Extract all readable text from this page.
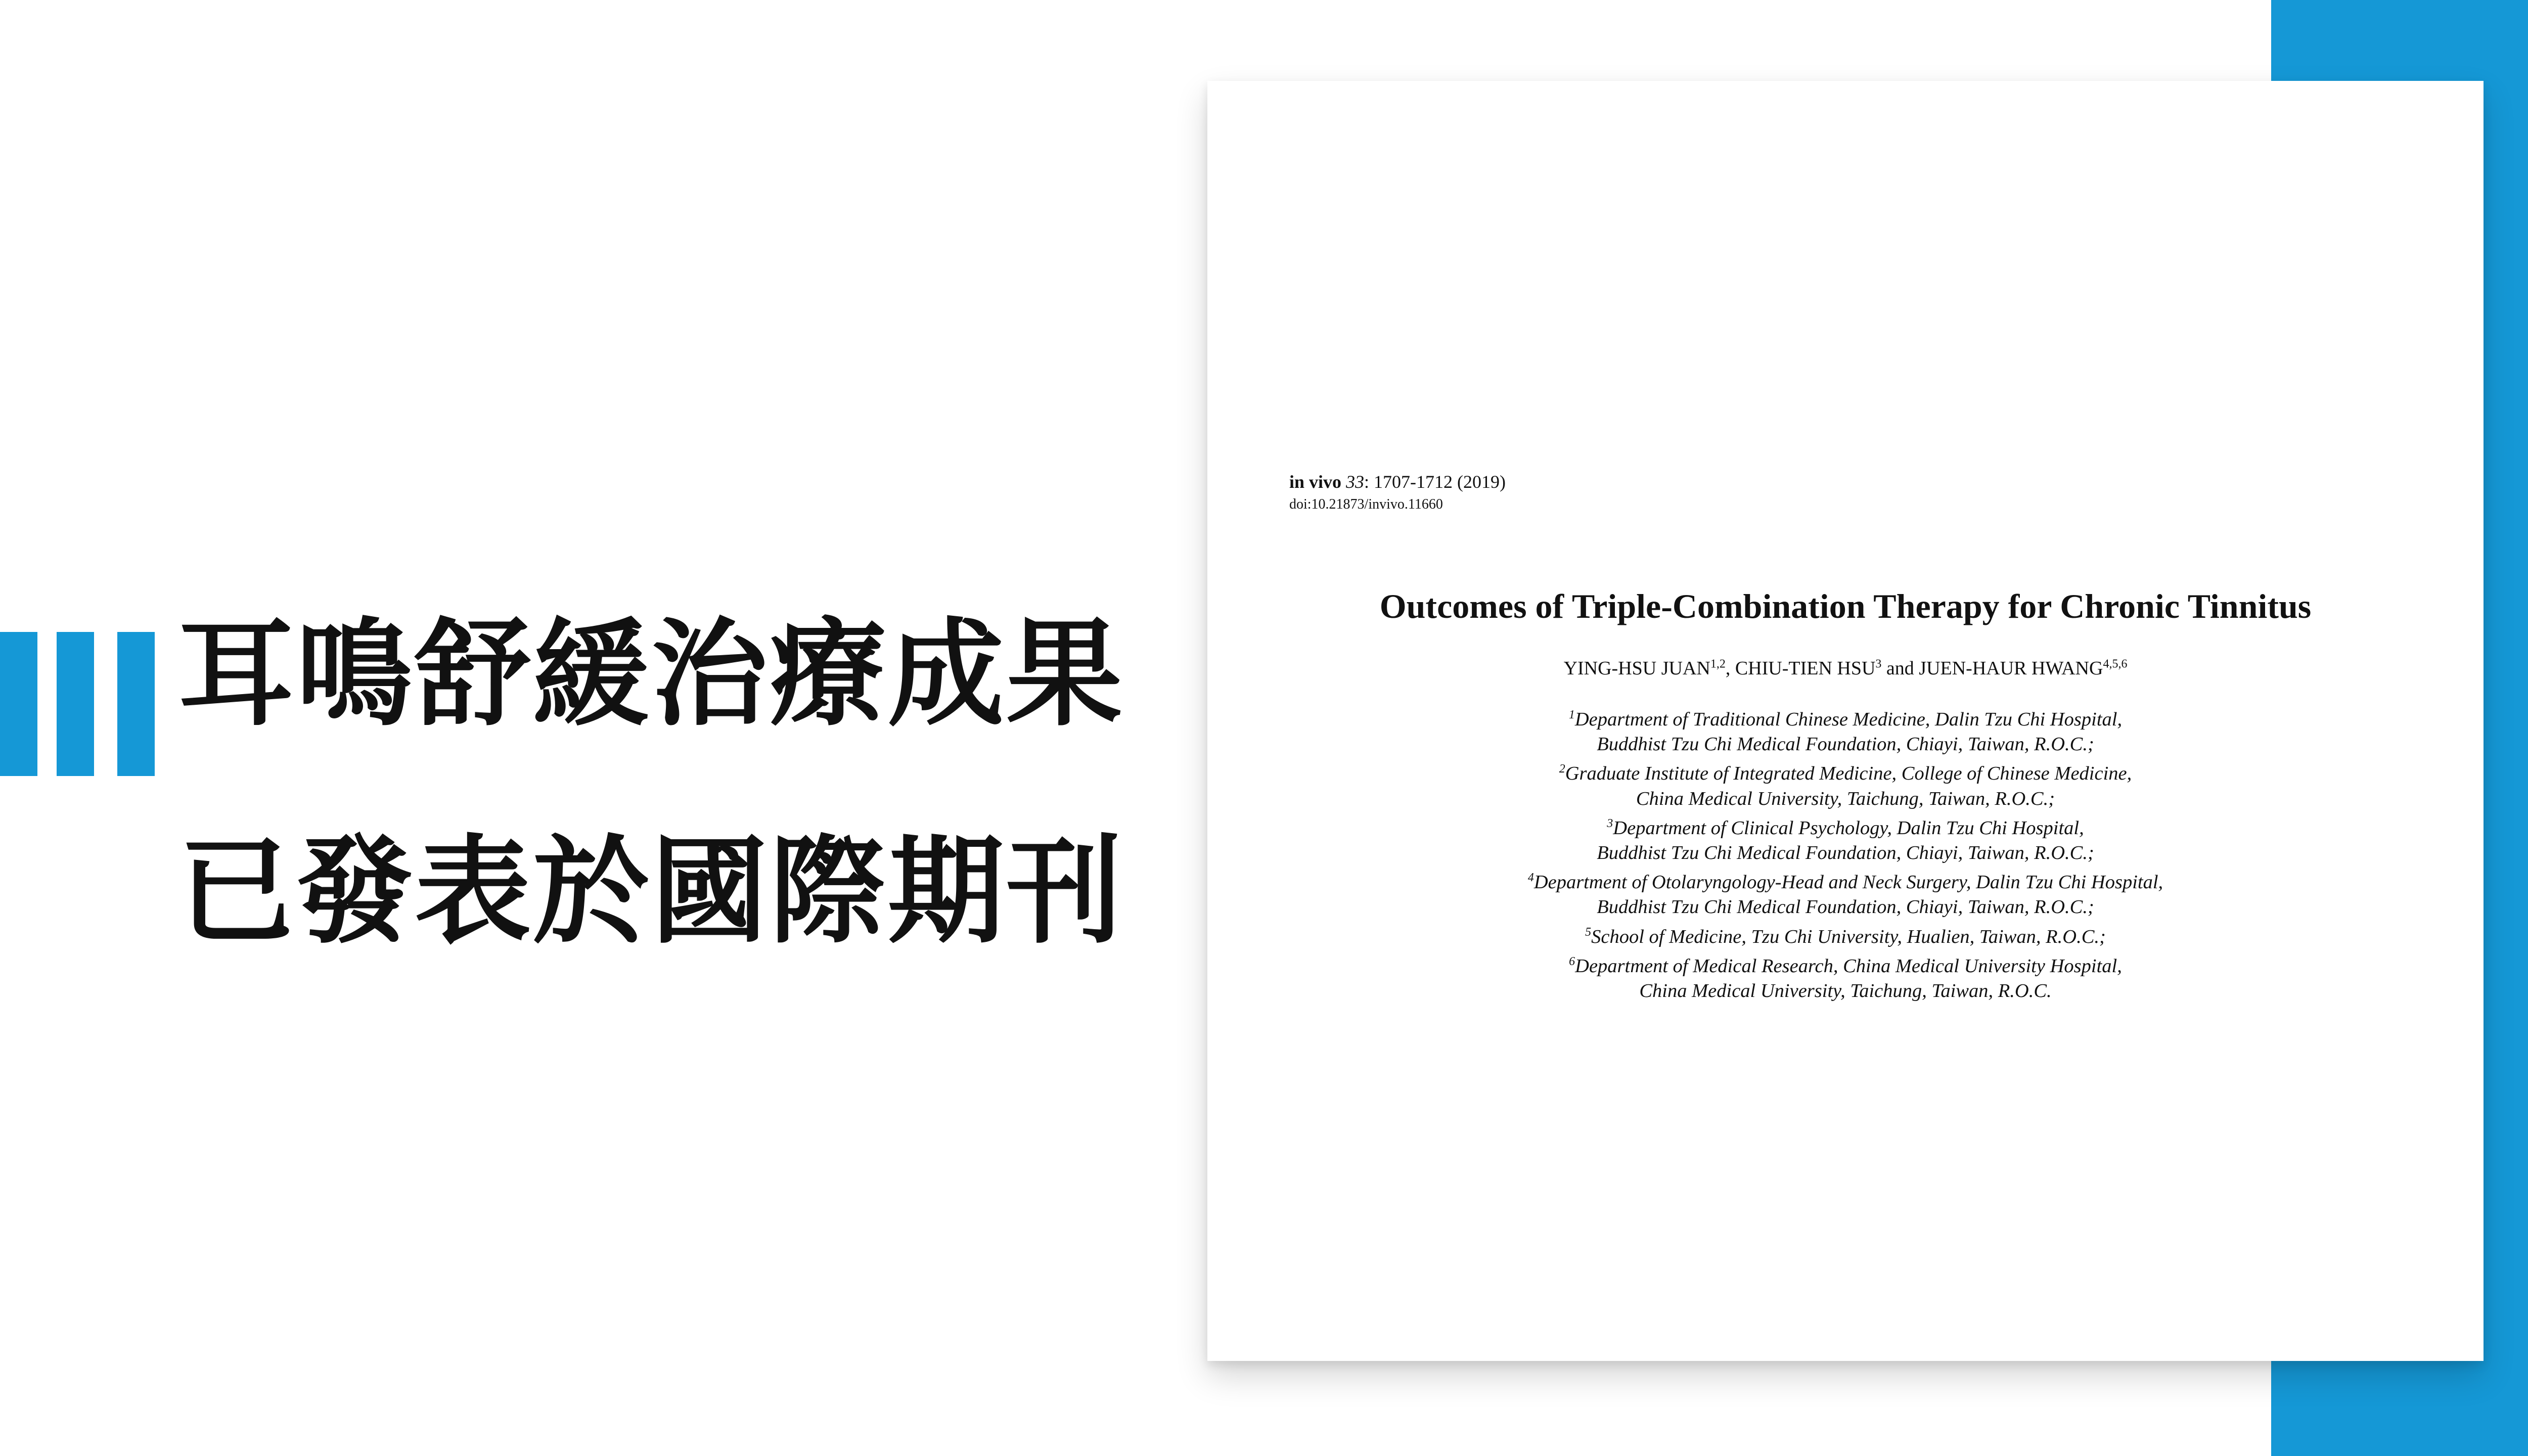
耳鳴舒緩治療成果
已發表於國際期刊
in vivo 33: 1707-1712 (2019)
doi:10.21873/invivo.11660
Outcomes of Triple-Combination Therapy for Chronic Tinnitus
YING-HSU JUAN$^{1,2}$, CHIU-TIEN HSU$^3$ and JUEN-HAUR HWANG$^{4,5,6}$
$^1$Department of Traditional Chinese Medicine, Dalin Tzu Chi Hospital,
Buddhist Tzu Chi Medical Foundation, Chiayi, Taiwan, R.O.C.;
$^2$Graduate Institute of Integrated Medicine, College of Chinese Medicine,
China Medical University, Taichung, Taiwan, R.O.C.;
$^3$Department of Clinical Psychology, Dalin Tzu Chi Hospital,
Buddhist Tzu Chi Medical Foundation, Chiayi, Taiwan, R.O.C.;
$^4$Department of Otolaryngology-Head and Neck Surgery, Dalin Tzu Chi Hospital,
Buddhist Tzu Chi Medical Foundation, Chiayi, Taiwan, R.O.C.;
$^5$School of Medicine, Tzu Chi University, Hualien, Taiwan, R.O.C.;
$^6$Department of Medical Research, China Medical University Hospital,
China Medical University, Taichung, Taiwan, R.O.C.
